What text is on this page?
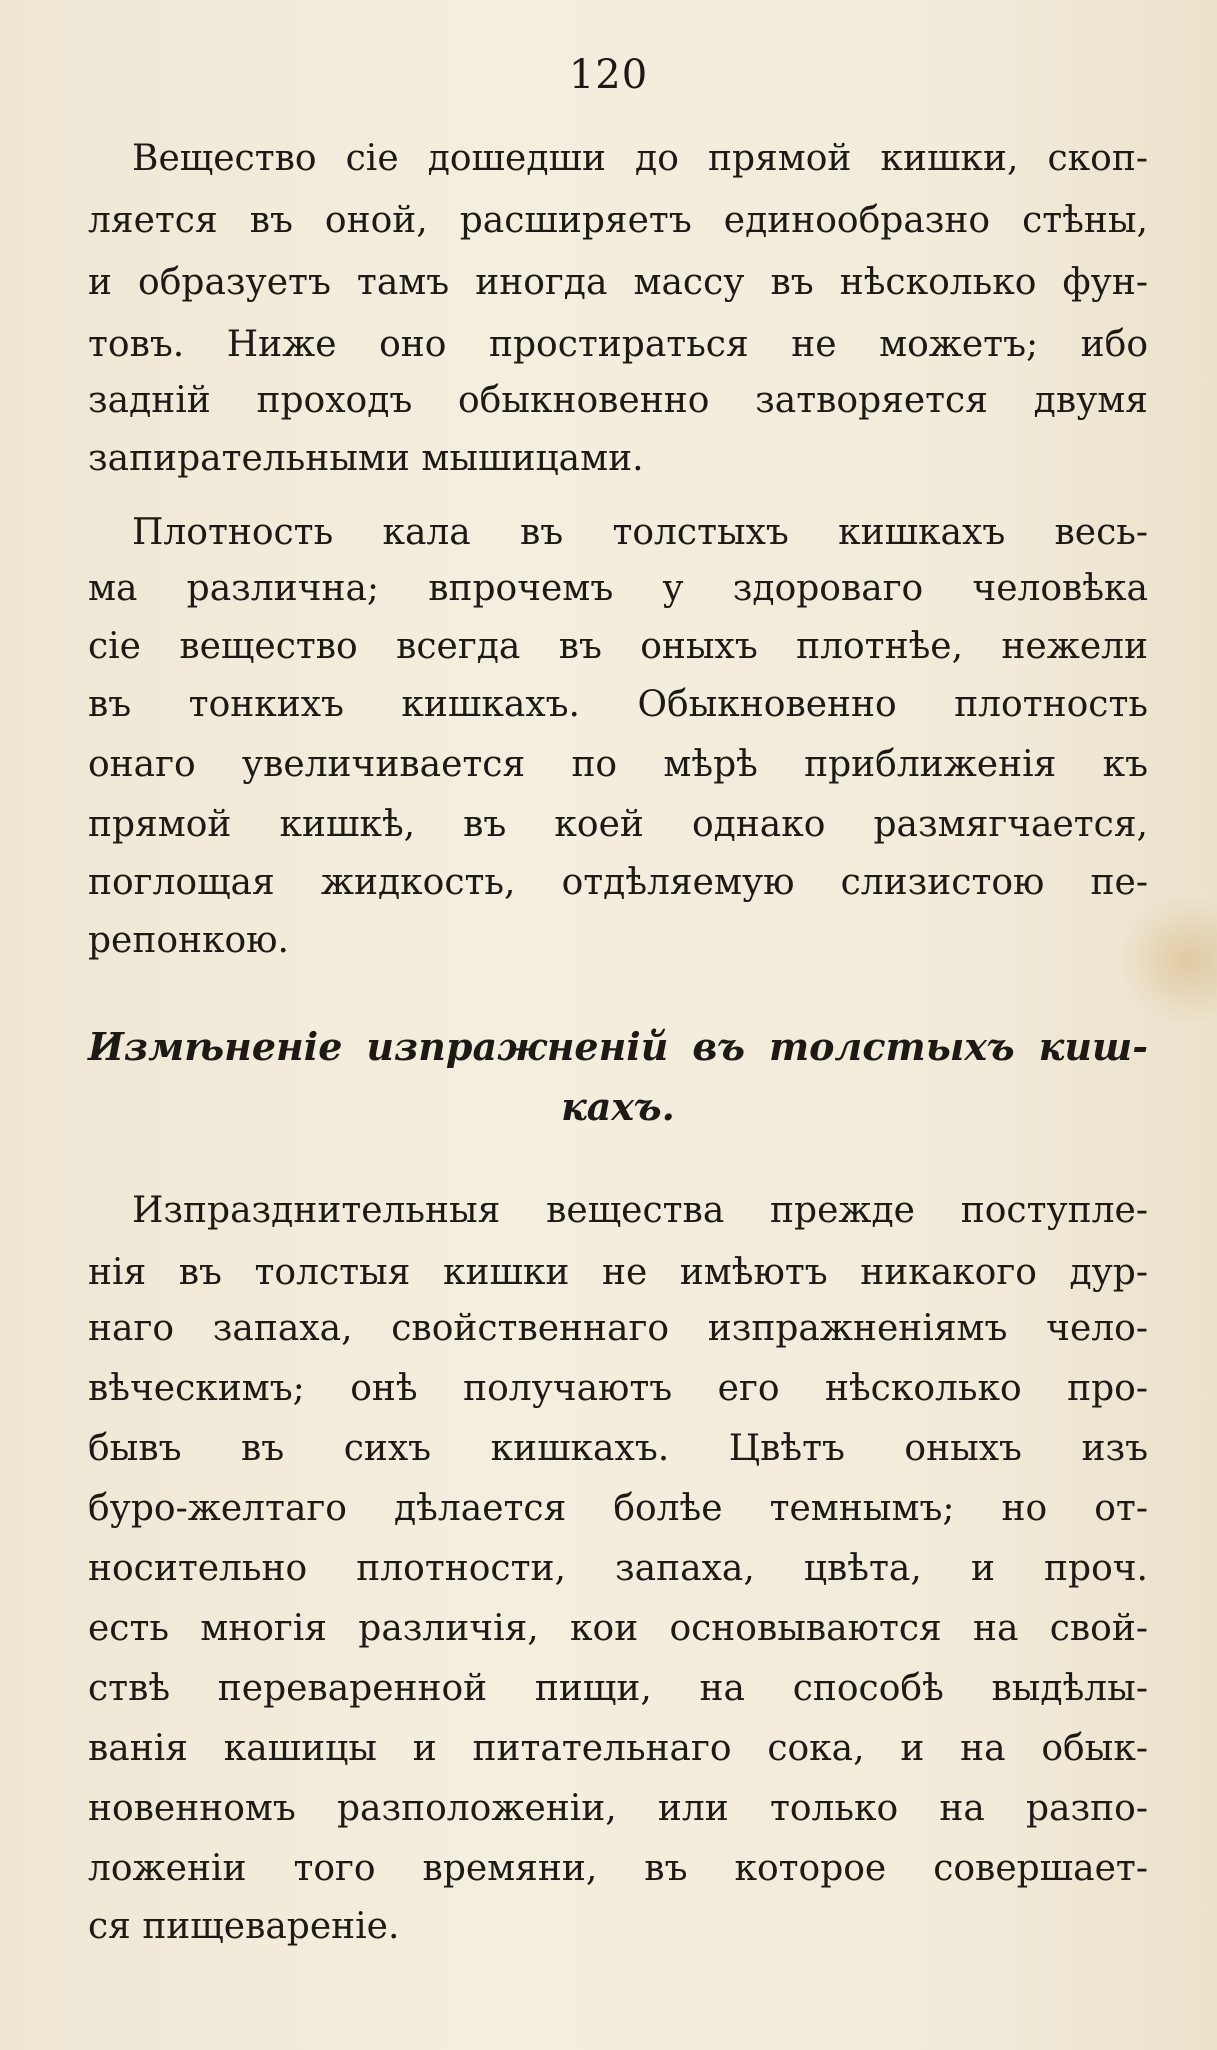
120
Вещество сіе дошедши до прямой кишки, скоп-
ляется въ оной, расширяетъ единообразно стѣны,
и образуетъ тамъ иногда массу въ нѣсколько фун-
товъ. Ниже оно простираться не можетъ; ибо
задній проходъ обыкновенно затворяется двумя
запирательными мышицами.
Плотность кала въ толстыхъ кишкахъ весь-
ма различна; впрочемъ у здороваго человѣка
сіе вещество всегда въ оныхъ плотнѣе, нежели
въ тонкихъ кишкахъ. Обыкновенно плотность
онаго увеличивается по мѣрѣ приближенія къ
прямой кишкѣ, въ коей однако размягчается,
поглощая жидкость, отдѣляемую слизистою пе-
репонкою.
Измѣненіе изпражненій въ толстыхъ киш-
кахъ.
Изпразднительныя вещества прежде поступле-
нія въ толстыя кишки не имѣютъ никакого дур-
наго запаха, свойственнаго изпражненіямъ чело-
вѣческимъ; онѣ получаютъ его нѣсколько про-
бывъ въ сихъ кишкахъ. Цвѣтъ оныхъ изъ
буро-желтаго дѣлается болѣе темнымъ; но от-
носительно плотности, запаха, цвѣта, и проч.
есть многія различія, кои основываются на свой-
ствѣ переваренной пищи, на способѣ выдѣлы-
ванія кашицы и питательнаго сока, и на обык-
новенномъ разположеніи, или только на разпо-
ложеніи того времяни, въ которое совершает-
ся пищевареніе.
